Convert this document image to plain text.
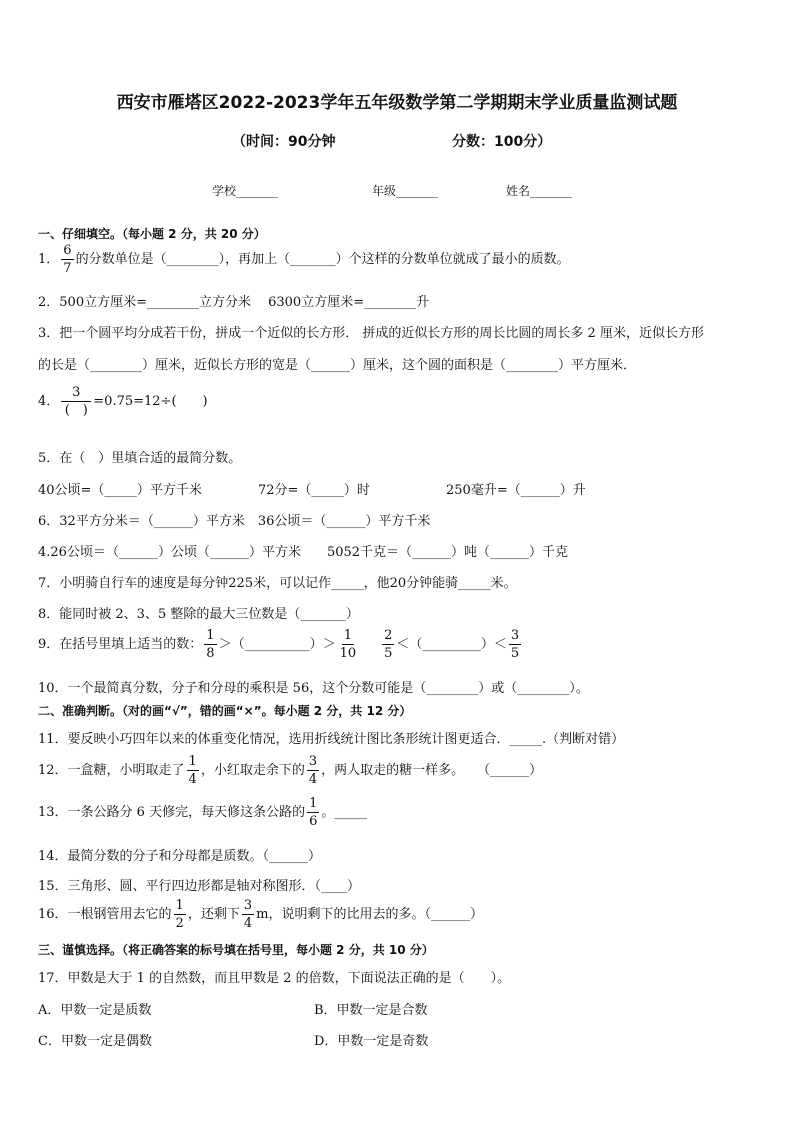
西安市雁塔区2022-2023学年五年级数学第二学期期末学业质量监测试题
（时间：90分钟	分数：100分）
学校_______	年级_______	姓名_______
一、仔细填空。（每小题 2 分，共 20 分）
1． $\frac{6}{7}$ 的分数单位是（________），再加上（_______）个这样的分数单位就成了最小的质数。
2．500立方厘米=________立方分米　 6300立方厘米=________升
3．把一个圆平均分成若干份，拼成一个近似的长方形． 拼成的近似长方形的周长比圆的周长多 2 厘米，近似长方形
的长是（________）厘米，近似长方形的宽是（______）厘米，这个圆的面积是（________）平方厘米．
4． $\frac{3}{( )} =0.75=12\div$(　　)
5．在（　）里填合适的最简分数。
40公顷=（_____）平方千米	72分=（_____）时	250毫升=（______）升
6．32平方分米＝（______）平方米　36公顷＝（______）平方千米
4.26公顷＝（______）公顷（______）平方米　　5052千克＝（______）吨（______）千克
7．小明骑自行车的速度是每分钟225米，可以记作_____，他20分钟能骑_____米。
8．能同时被 2、3、5 整除的最大三位数是（_______）
9．在括号里填上适当的数： $\frac{1}{8}$ ＞（__________）＞ $\frac{1}{10} \frac{2}{5}$ ＜（_________）＜ $\frac{3}{5}$
10．一个最简真分数，分子和分母的乘积是 56，这个分数可能是（________）或（________）。
二、准确判断。（对的画“√”，错的画“×”。每小题 2 分，共 12 分）
11．要反映小巧四年以来的体重变化情况，选用折线统计图比条形统计图更适合．_____.（判断对错）
12．一盒糖，小明取走了 $\frac{1}{4}$ ，小红取走余下的 $\frac{3}{4}$ ，两人取走的糖一样多。　　（______）
13．一条公路分 6 天修完，每天修这条公路的 $\frac{1}{6}$ 。_____
14．最简分数的分子和分母都是质数。（______）
15．三角形、圆、平行四边形都是轴对称图形．（____）
16．一根钢管用去它的 $\frac{1}{2}$ ，还剩下 $\frac{3}{4}$ m，说明剩下的比用去的多。（______）
三、谨慎选择。（将正确答案的标号填在括号里，每小题 2 分，共 10 分）
17．甲数是大于 1 的自然数，而且甲数是 2 的倍数，下面说法正确的是（　　）。
A．甲数一定是质数	B．甲数一定是合数
C．甲数一定是偶数	D．甲数一定是奇数
